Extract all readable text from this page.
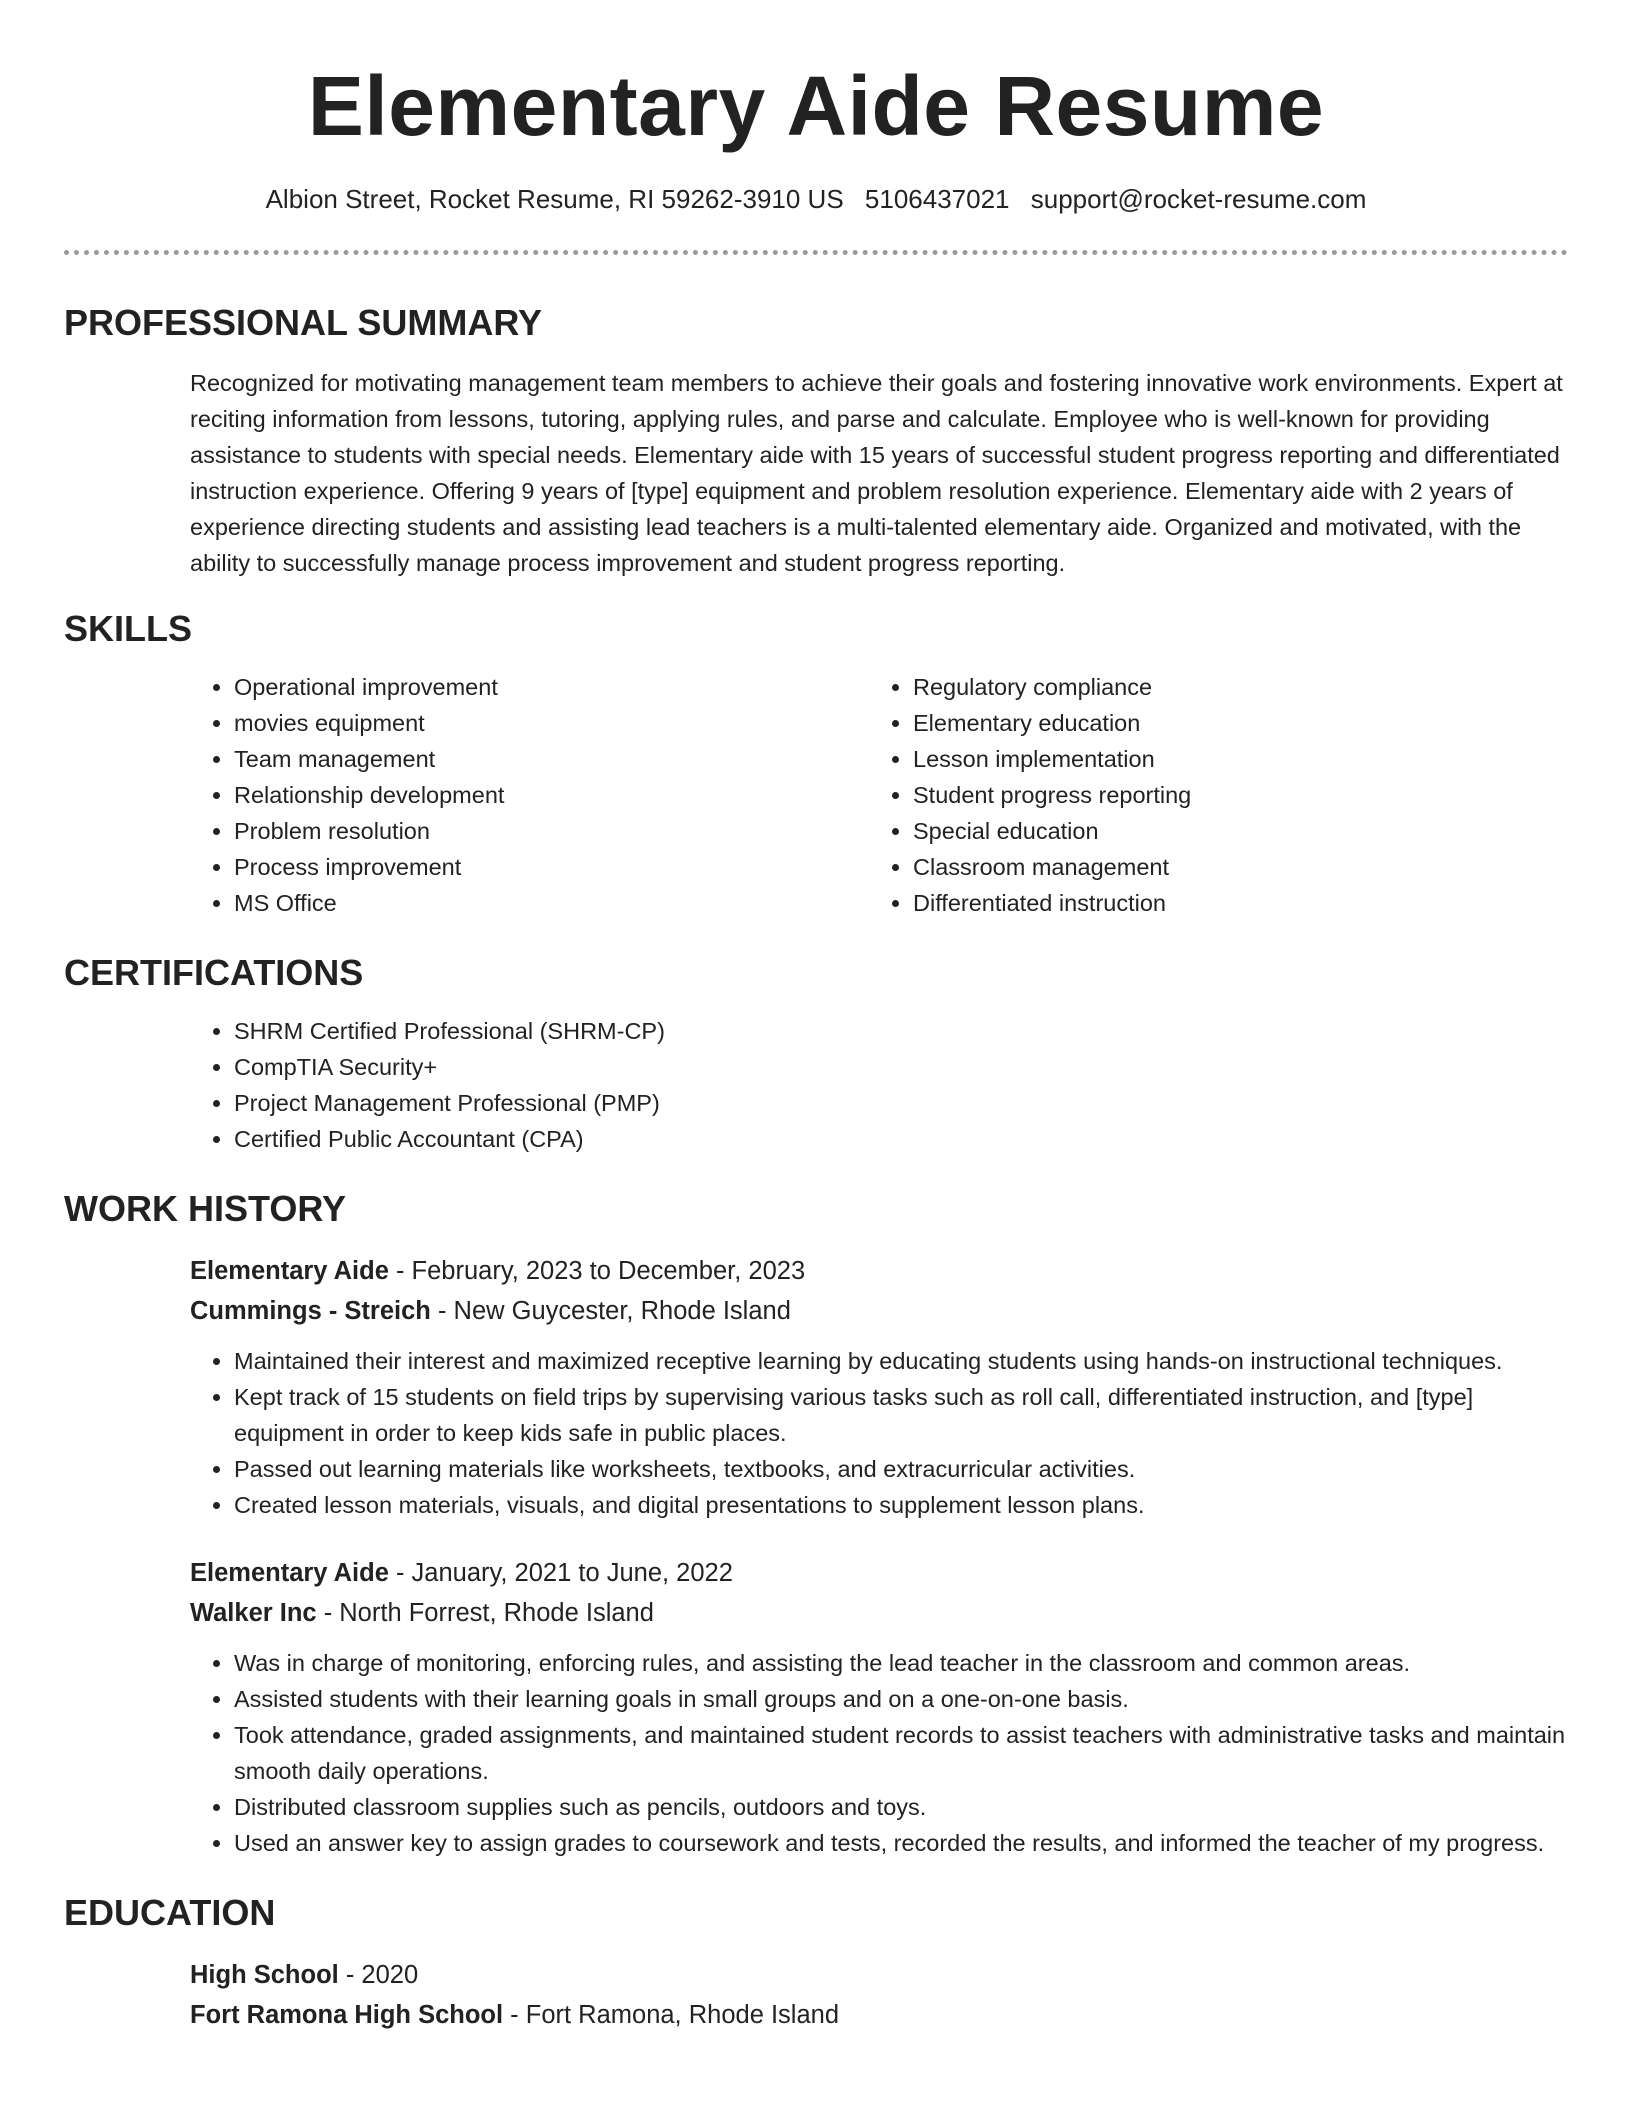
Elementary Aide Resume
Albion Street, Rocket Resume, RI 59262-3910 US 5106437021 support@rocket-resume.com
PROFESSIONAL SUMMARY

Recognized for motivating management team members to achieve their goals and fostering innovative work environments. Expert at reciting information from lessons, tutoring, applying rules, and parse and calculate. Employee who is well-known for providing assistance to students with special needs. Elementary aide with 15 years of successful student progress reporting and differentiated instruction experience. Offering 9 years of [type] equipment and problem resolution experience. Elementary aide with 2 years of experience directing students and assisting lead teachers is a multi-talented elementary aide. Organized and motivated, with the ability to successfully manage process improvement and student progress reporting.

SKILLS
• Operational improvement
• movies equipment
• Team management
• Relationship development
• Problem resolution
• Process improvement
• MS Office
• Regulatory compliance
• Elementary education
• Lesson implementation
• Student progress reporting
• Special education
• Classroom management
• Differentiated instruction
CERTIFICATIONS
• SHRM Certified Professional (SHRM-CP)
• CompTIA Security+
• Project Management Professional (PMP)
• Certified Public Accountant (CPA)
WORK HISTORY
Elementary Aide - February, 2023 to December, 2023
Cummings - Streich - New Guycester, Rhode Island
• Maintained their interest and maximized receptive learning by educating students using hands-on instructional techniques.
• Kept track of 15 students on field trips by supervising various tasks such as roll call, differentiated instruction, and [type] equipment in order to keep kids safe in public places.
• Passed out learning materials like worksheets, textbooks, and extracurricular activities.
• Created lesson materials, visuals, and digital presentations to supplement lesson plans.
Elementary Aide - January, 2021 to June, 2022
Walker Inc - North Forrest, Rhode Island
• Was in charge of monitoring, enforcing rules, and assisting the lead teacher in the classroom and common areas.
• Assisted students with their learning goals in small groups and on a one-on-one basis.
• Took attendance, graded assignments, and maintained student records to assist teachers with administrative tasks and maintain smooth daily operations.
• Distributed classroom supplies such as pencils, outdoors and toys.
• Used an answer key to assign grades to coursework and tests, recorded the results, and informed the teacher of my progress.
EDUCATION
High School - 2020
Fort Ramona High School - Fort Ramona, Rhode Island
